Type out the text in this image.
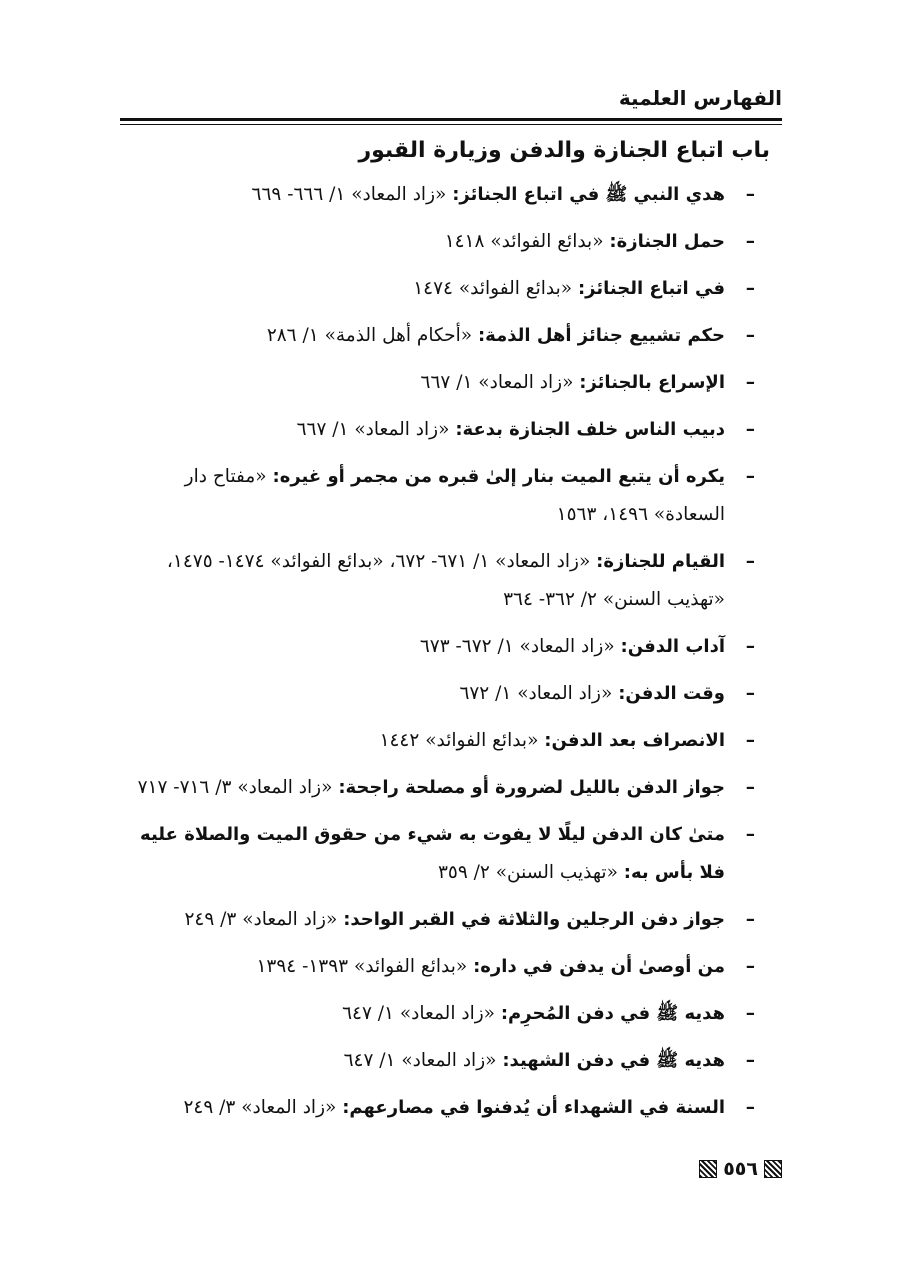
الفهارس العلمية
باب اتباع الجنازة والدفن وزيارة القبور
–
هدي النبي ﷺ في اتباع الجنائز: «زاد المعاد» ١/ ٦٦٦- ٦٦٩
–
حمل الجنازة: «بدائع الفوائد» ١٤١٨
–
في اتباع الجنائز: «بدائع الفوائد» ١٤٧٤
–
حكم تشييع جنائز أهل الذمة: «أحكام أهل الذمة» ١/ ٢٨٦
–
الإسراع بالجنائز: «زاد المعاد» ١/ ٦٦٧
–
دبيب الناس خلف الجنازة بدعة: «زاد المعاد» ١/ ٦٦٧
–
يكره أن يتبع الميت بنار إلىٰ قبره من مجمر أو غيره: «مفتاح دار السعادة» ١٤٩٦، ١٥٦٣
–
القيام للجنازة: «زاد المعاد» ١/ ٦٧١- ٦٧٢، «بدائع الفوائد» ١٤٧٤- ١٤٧٥، «تهذيب السنن» ٢/ ٣٦٢- ٣٦٤
–
آداب الدفن: «زاد المعاد» ١/ ٦٧٢- ٦٧٣
–
وقت الدفن: «زاد المعاد» ١/ ٦٧٢
–
الانصراف بعد الدفن: «بدائع الفوائد» ١٤٤٢
–
جواز الدفن بالليل لضرورة أو مصلحة راجحة: «زاد المعاد» ٣/ ٧١٦- ٧١٧
–
متىٰ كان الدفن ليلًا لا يفوت به شيء من حقوق الميت والصلاة عليه فلا بأس به: «تهذيب السنن» ٢/ ٣٥٩
–
جواز دفن الرجلين والثلاثة في القبر الواحد: «زاد المعاد» ٣/ ٢٤٩
–
من أوصىٰ أن يدفن في داره: «بدائع الفوائد» ١٣٩٣- ١٣٩٤
–
هديه ﷺ في دفن المُحرِم: «زاد المعاد» ١/ ٦٤٧
–
هديه ﷺ في دفن الشهيد: «زاد المعاد» ١/ ٦٤٧
–
السنة في الشهداء أن يُدفنوا في مصارعهم: «زاد المعاد» ٣/ ٢٤٩
٥٥٦
